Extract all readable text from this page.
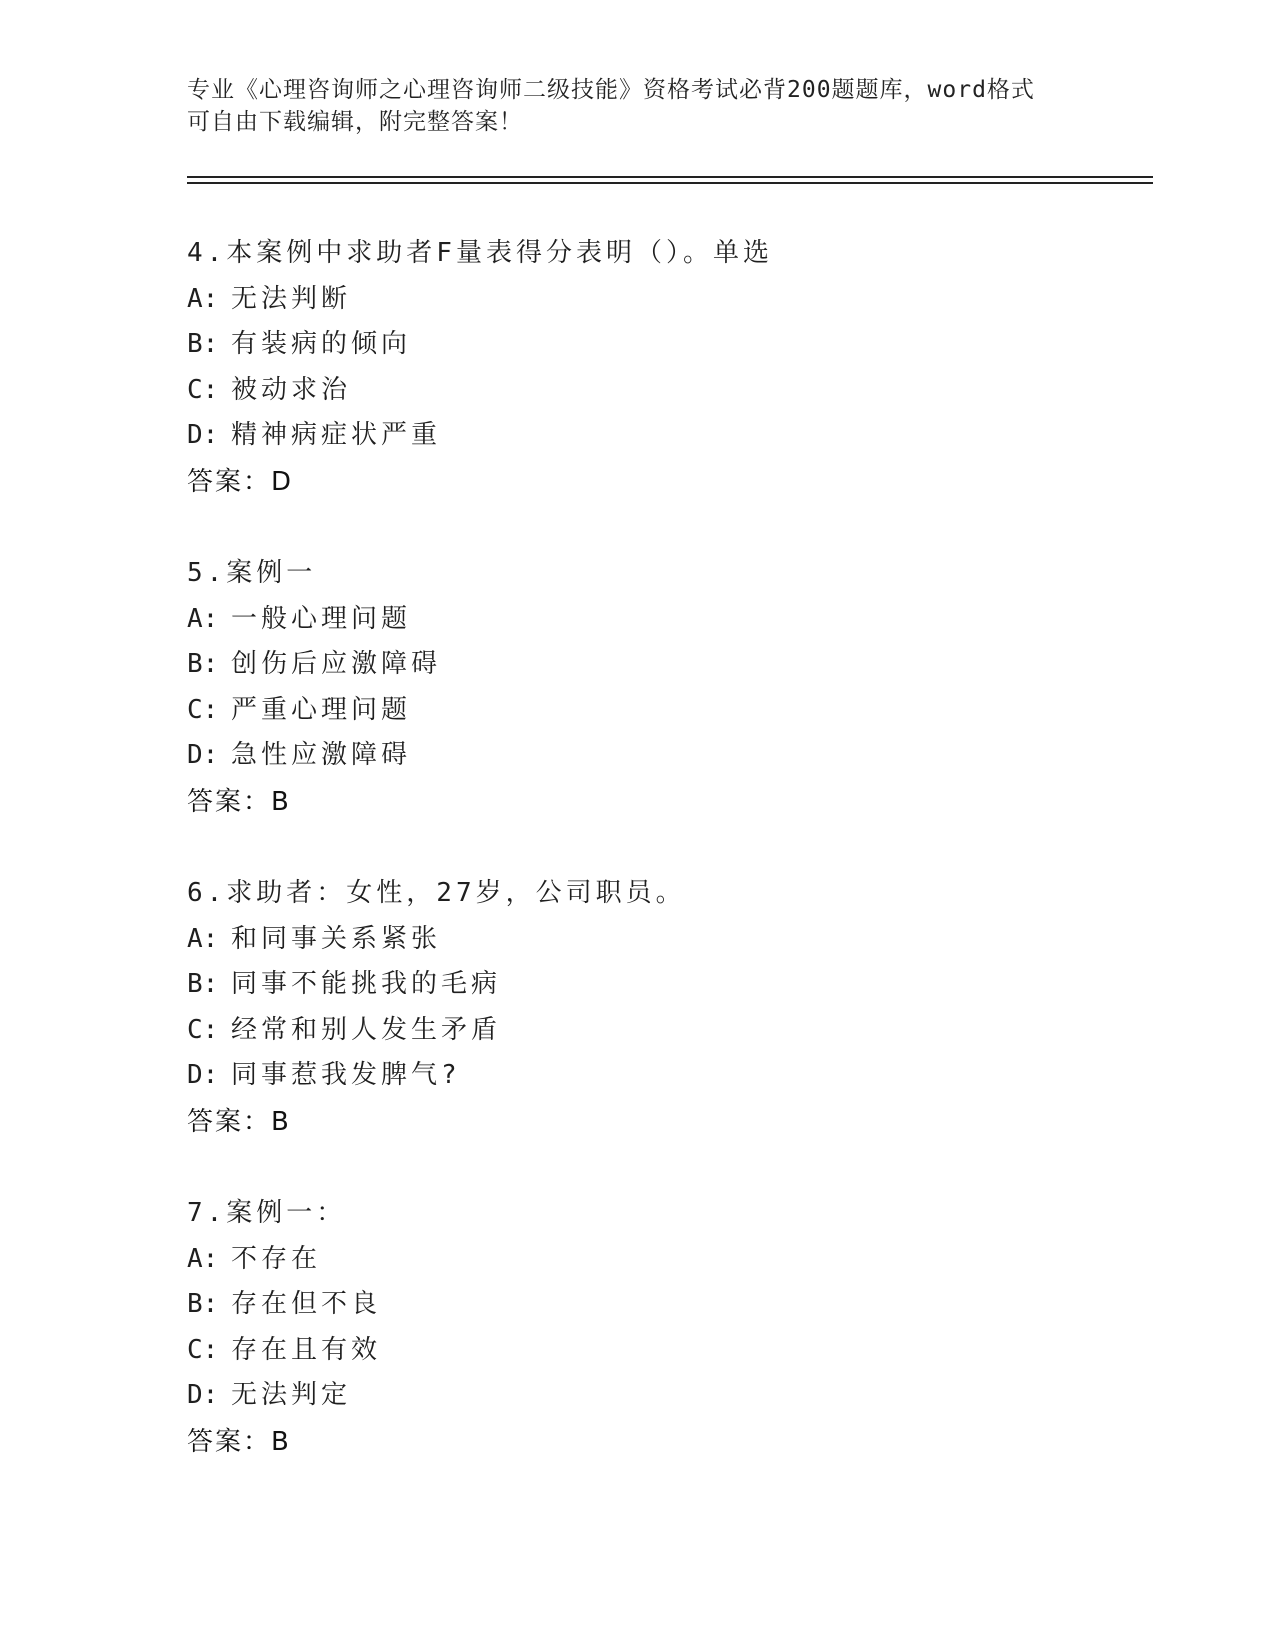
专业《心理咨询师之心理咨询师二级技能》资格考试必背200题题库，word格式
可自由下载编辑，附完整答案！
4.本案例中求助者F量表得分表明（）。单选
A: 无法判断
B: 有装病的倾向
C: 被动求治
D: 精神病症状严重
答案：D
5.案例一
A: 一般心理问题
B: 创伤后应激障碍
C: 严重心理问题
D: 急性应激障碍
答案：B
6.求助者：女性，27岁，公司职员。
A: 和同事关系紧张
B: 同事不能挑我的毛病
C: 经常和别人发生矛盾
D: 同事惹我发脾气?
答案：B
7.案例一：
A: 不存在
B: 存在但不良
C: 存在且有效
D: 无法判定
答案：B
